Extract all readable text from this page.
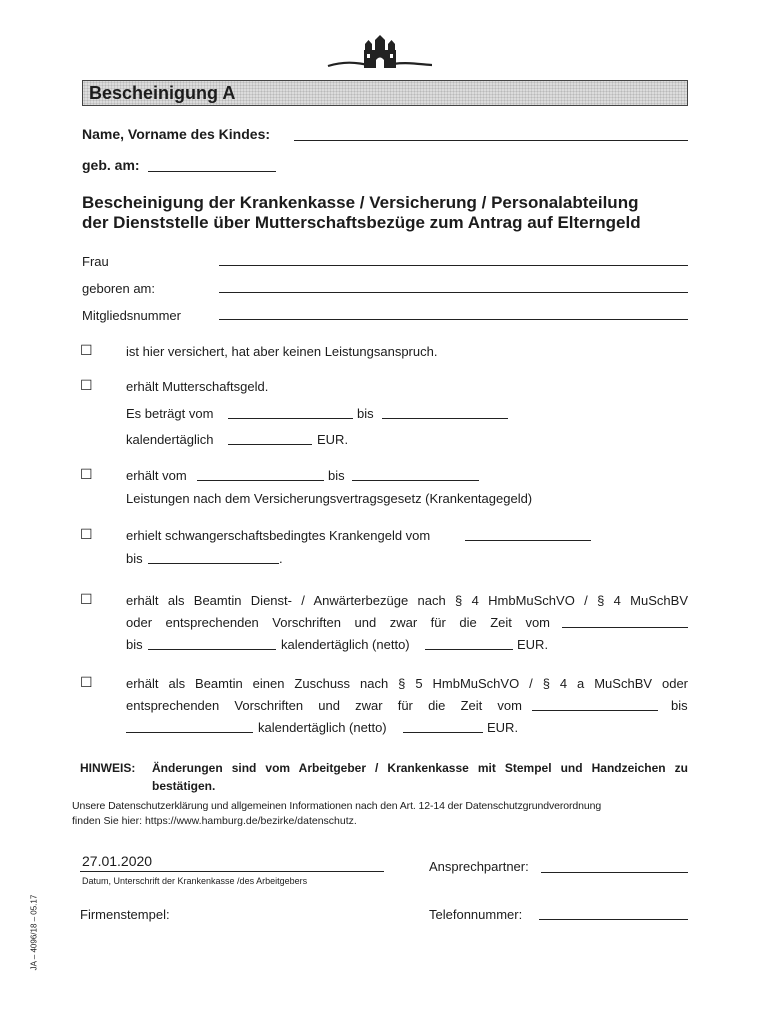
Bescheinigung A
Name, Vorname des Kindes:
geb. am:
Bescheinigung der Krankenkasse / Versicherung / Personalabteilung
der Dienststelle über Mutterschaftsbezüge zum Antrag auf Elterngeld
Frau
geboren am:
Mitgliedsnummer
☐	ist hier versichert, hat aber keinen Leistungsanspruch.
☐	erhält Mutterschaftsgeld.
Es beträgt vom	bis
kalendertäglich	EUR.
☐	erhält vom	bis
Leistungen nach dem Versicherungsvertragsgesetz (Krankentagegeld)
☐	erhielt schwangerschaftsbedingtes Krankengeld vom
bis	.
☐	erhält als Beamtin Dienst- / Anwärterbezüge nach § 4 HmbMuSchVO / § 4 MuSchBV
oder entsprechenden Vorschriften und zwar für die Zeit vom
bis	kalendertäglich (netto)	EUR.
☐	erhält als Beamtin einen Zuschuss nach § 5 HmbMuSchVO / § 4 a MuSchBV oder
entsprechenden Vorschriften und zwar für die Zeit vom	bis
kalendertäglich (netto)	EUR.
HINWEIS: Änderungen sind vom Arbeitgeber / Krankenkasse mit Stempel und Handzeichen zu
bestätigen.
Unsere Datenschutzerklärung und allgemeinen Informationen nach den Art. 12-14 der Datenschutzgrundverordnung
finden Sie hier: https://www.hamburg.de/bezirke/datenschutz.
27.01.2020
Datum, Unterschrift der Krankenkasse /des Arbeitgebers
Ansprechpartner:
Firmenstempel:	Telefonnummer:
JA – 4096/18 – 05.17
